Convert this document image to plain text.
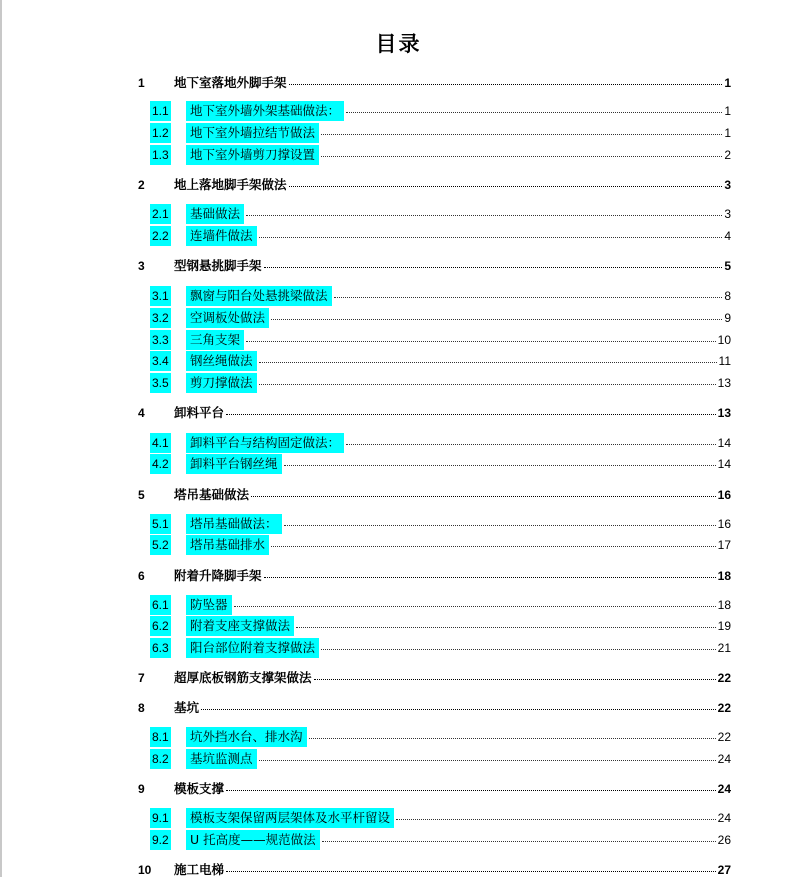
目录
1 地下室落地外脚手架	1
1.1 地下室外墙外架基础做法：	1
1.2 地下室外墙拉结节做法	1
1.3 地下室外墙剪刀撑设置	2
2 地上落地脚手架做法	3
2.1 基础做法	3
2.2 连墙件做法	4
3 型钢悬挑脚手架	5
3.1 飘窗与阳台处悬挑梁做法	8
3.2 空调板处做法	9
3.3 三角支架	10
3.4 钢丝绳做法	11
3.5 剪刀撑做法	13
4 卸料平台	13
4.1 卸料平台与结构固定做法：	14
4.2 卸料平台钢丝绳	14
5 塔吊基础做法	16
5.1 塔吊基础做法：	16
5.2 塔吊基础排水	17
6 附着升降脚手架	18
6.1 防坠器	18
6.2 附着支座支撑做法	19
6.3 阳台部位附着支撑做法	21
7 超厚底板钢筋支撑架做法	22
8 基坑	22
8.1 坑外挡水台、排水沟	22
8.2 基坑监测点	24
9 模板支撑	24
9.1 模板支架保留两层架体及水平杆留设	24
9.2 U 托高度——规范做法	26
10 施工电梯	27
